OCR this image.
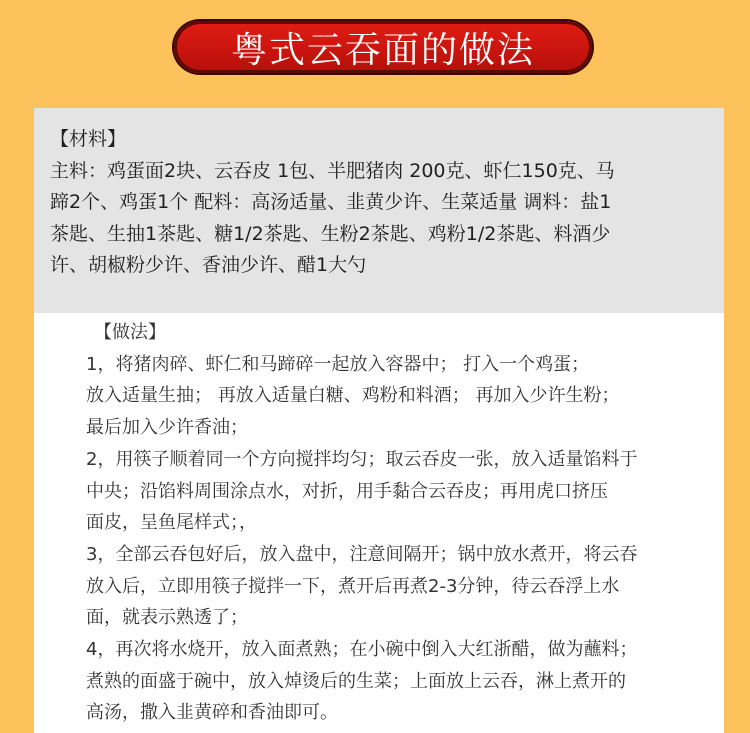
粤式云吞面的做法
【材料】
主料：鸡蛋面2块、云吞皮 1包、半肥猪肉 200克、虾仁150克、马
蹄2个、鸡蛋1个 配料：高汤适量、韭黄少许、生菜适量 调料：盐1
茶匙、生抽1茶匙、糖1/2茶匙、生粉2茶匙、鸡粉1/2茶匙、料酒少
许、胡椒粉少许、香油少许、醋1大勺
【做法】
1，将猪肉碎、虾仁和马蹄碎一起放入容器中； 打入一个鸡蛋；
放入适量生抽； 再放入适量白糖、鸡粉和料酒； 再加入少许生粉；
最后加入少许香油；
2，用筷子顺着同一个方向搅拌均匀；取云吞皮一张，放入适量馅料于
中央；沿馅料周围涂点水，对折，用手黏合云吞皮；再用虎口挤压
面皮，呈鱼尾样式；，
3，全部云吞包好后，放入盘中，注意间隔开；锅中放水煮开，将云吞
放入后，立即用筷子搅拌一下，煮开后再煮2-3分钟，待云吞浮上水
面，就表示熟透了；
4，再次将水烧开，放入面煮熟；在小碗中倒入大红浙醋，做为蘸料；
煮熟的面盛于碗中，放入焯烫后的生菜；上面放上云吞，淋上煮开的
高汤，撒入韭黄碎和香油即可。
